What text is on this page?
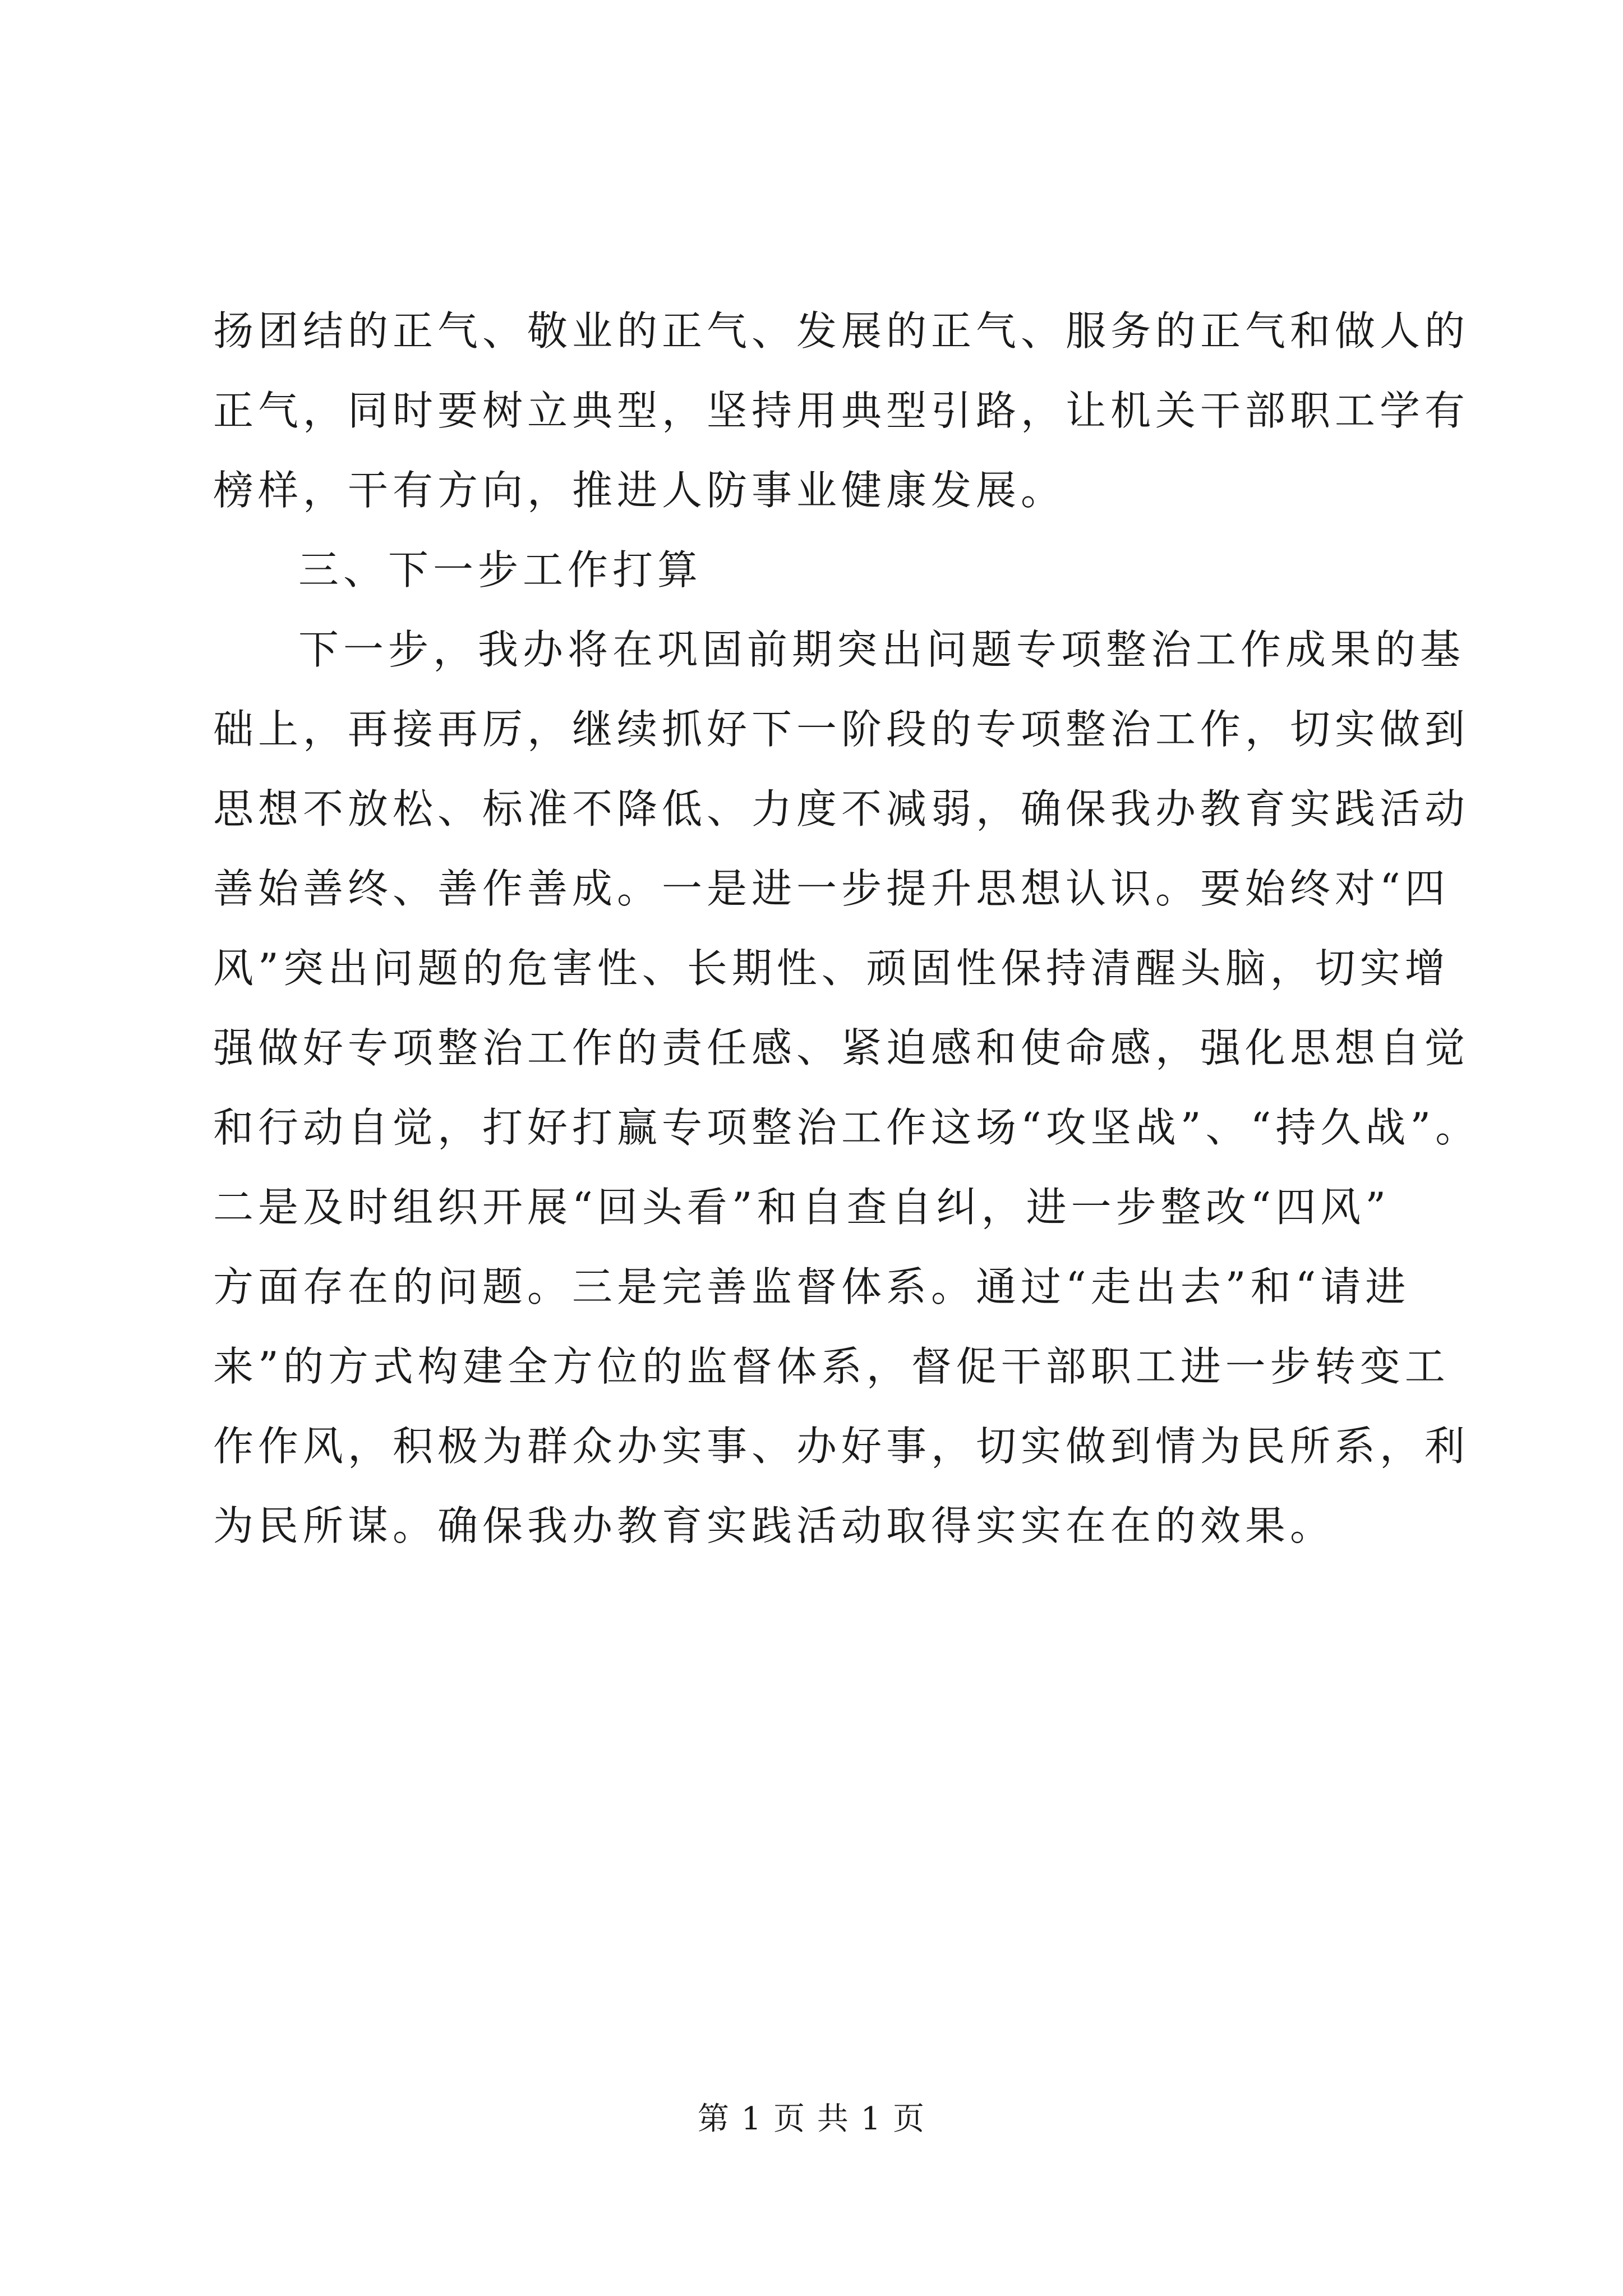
扬团结的正气、敬业的正气、发展的正气、服务的正气和做人的
正气，同时要树立典型，坚持用典型引路，让机关干部职工学有
榜样，干有方向，推进人防事业健康发展。
三、下一步工作打算
下一步，我办将在巩固前期突出问题专项整治工作成果的基
础上，再接再厉，继续抓好下一阶段的专项整治工作，切实做到
思想不放松、标准不降低、力度不减弱，确保我办教育实践活动
善始善终、善作善成。一是进一步提升思想认识。要始终对“四
风”突出问题的危害性、长期性、顽固性保持清醒头脑，切实增
强做好专项整治工作的责任感、紧迫感和使命感，强化思想自觉
和行动自觉，打好打赢专项整治工作这场“攻坚战”、“持久战”。
二是及时组织开展“回头看”和自查自纠，进一步整改“四风”
方面存在的问题。三是完善监督体系。通过“走出去”和“请进
来”的方式构建全方位的监督体系，督促干部职工进一步转变工
作作风，积极为群众办实事、办好事，切实做到情为民所系，利
为民所谋。确保我办教育实践活动取得实实在在的效果。
第 1 页 共 1 页
